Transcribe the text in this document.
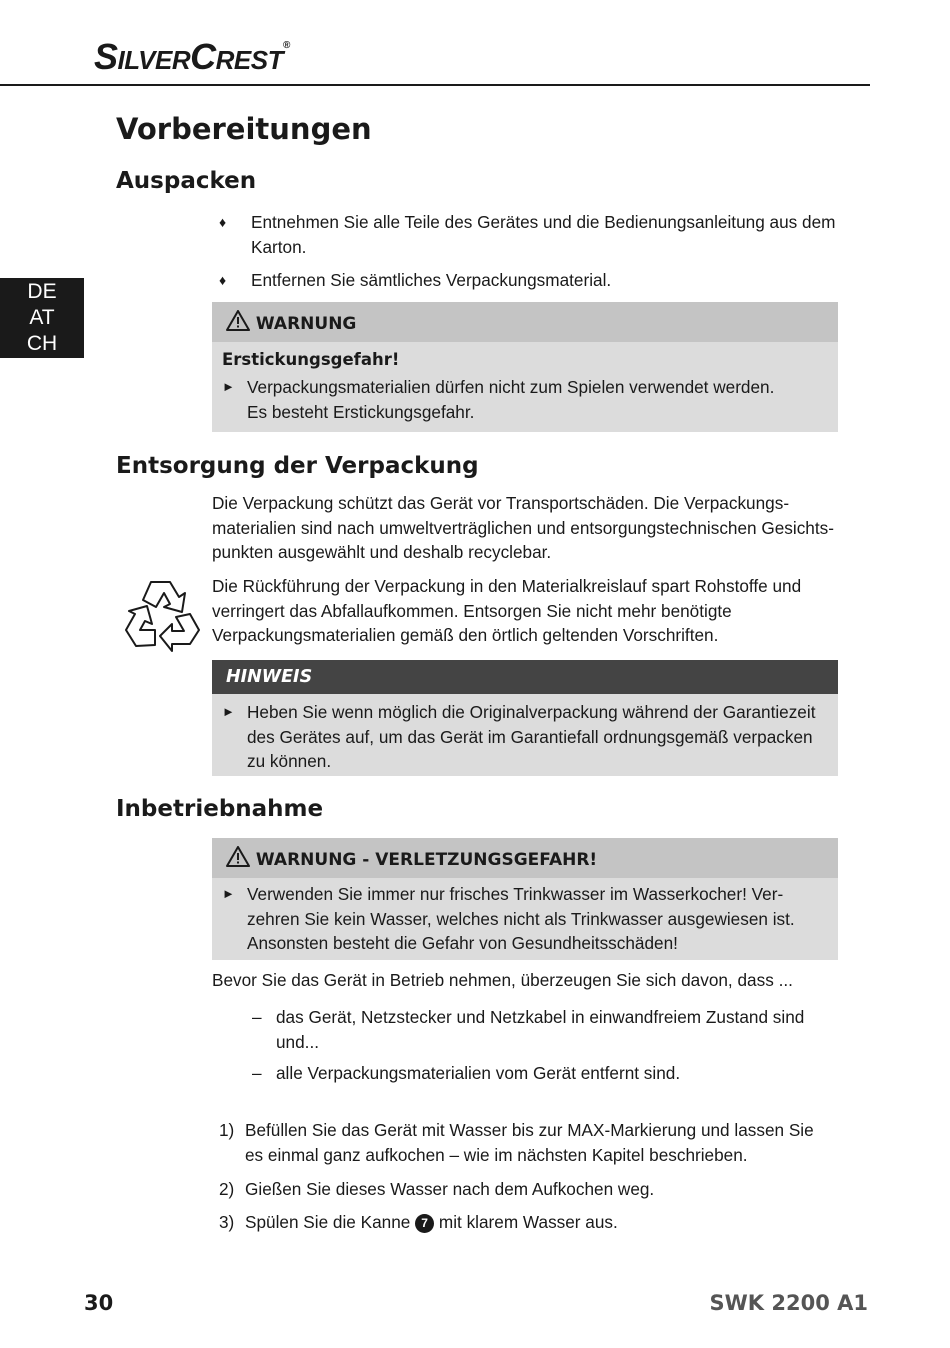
SILVERCREST®
DE
AT
CH
Vorbereitungen
Auspacken
♦ Entnehmen Sie alle Teile des Gerätes und die Bedienungsanleitung aus dem Karton.
♦ Entfernen Sie sämtliches Verpackungsmaterial.
WARNUNG
Erstickungsgefahr!
► Verpackungsmaterialien dürfen nicht zum Spielen verwendet werden.
Es besteht Erstickungsgefahr.
Entsorgung der Verpackung
Die Verpackung schützt das Gerät vor Transportschäden. Die Verpackungsmaterialien sind nach umweltverträglichen und entsorgungstechnischen Gesichtspunkten ausgewählt und deshalb recyclebar.
Die Rückführung der Verpackung in den Materialkreislauf spart Rohstoffe und verringert das Abfallaufkommen. Entsorgen Sie nicht mehr benötigte Verpackungsmaterialien gemäß den örtlich geltenden Vorschriften.
HINWEIS
► Heben Sie wenn möglich die Originalverpackung während der Garantiezeit des Gerätes auf, um das Gerät im Garantiefall ordnungsgemäß verpacken zu können.
Inbetriebnahme
WARNUNG - VERLETZUNGSGEFAHR!
► Verwenden Sie immer nur frisches Trinkwasser im Wasserkocher! Verzehren Sie kein Wasser, welches nicht als Trinkwasser ausgewiesen ist. Ansonsten besteht die Gefahr von Gesundheitsschäden!
Bevor Sie das Gerät in Betrieb nehmen, überzeugen Sie sich davon, dass ...
– das Gerät, Netzstecker und Netzkabel in einwandfreiem Zustand sind und...
– alle Verpackungsmaterialien vom Gerät entfernt sind.
1) Befüllen Sie das Gerät mit Wasser bis zur MAX-Markierung und lassen Sie es einmal ganz aufkochen – wie im nächsten Kapitel beschrieben.
2) Gießen Sie dieses Wasser nach dem Aufkochen weg.
3) Spülen Sie die Kanne 7 mit klarem Wasser aus.
30	SWK 2200 A1
